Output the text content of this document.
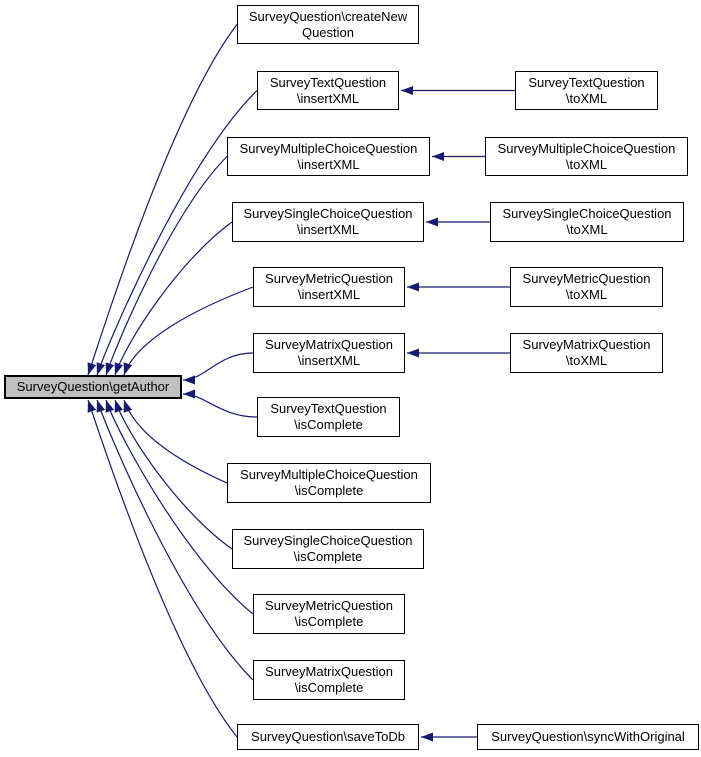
SurveyQuestion\getAuthor
SurveyQuestion\createNew
Question
SurveyTextQuestion
\insertXML
SurveyMultipleChoiceQuestion
\insertXML
SurveySingleChoiceQuestion
\insertXML
SurveyMetricQuestion
\insertXML
SurveyMatrixQuestion
\insertXML
SurveyTextQuestion
\isComplete
SurveyMultipleChoiceQuestion
\isComplete
SurveySingleChoiceQuestion
\isComplete
SurveyMetricQuestion
\isComplete
SurveyMatrixQuestion
\isComplete
SurveyQuestion\saveToDb
SurveyTextQuestion
\toXML
SurveyMultipleChoiceQuestion
\toXML
SurveySingleChoiceQuestion
\toXML
SurveyMetricQuestion
\toXML
SurveyMatrixQuestion
\toXML
SurveyQuestion\syncWithOriginal
